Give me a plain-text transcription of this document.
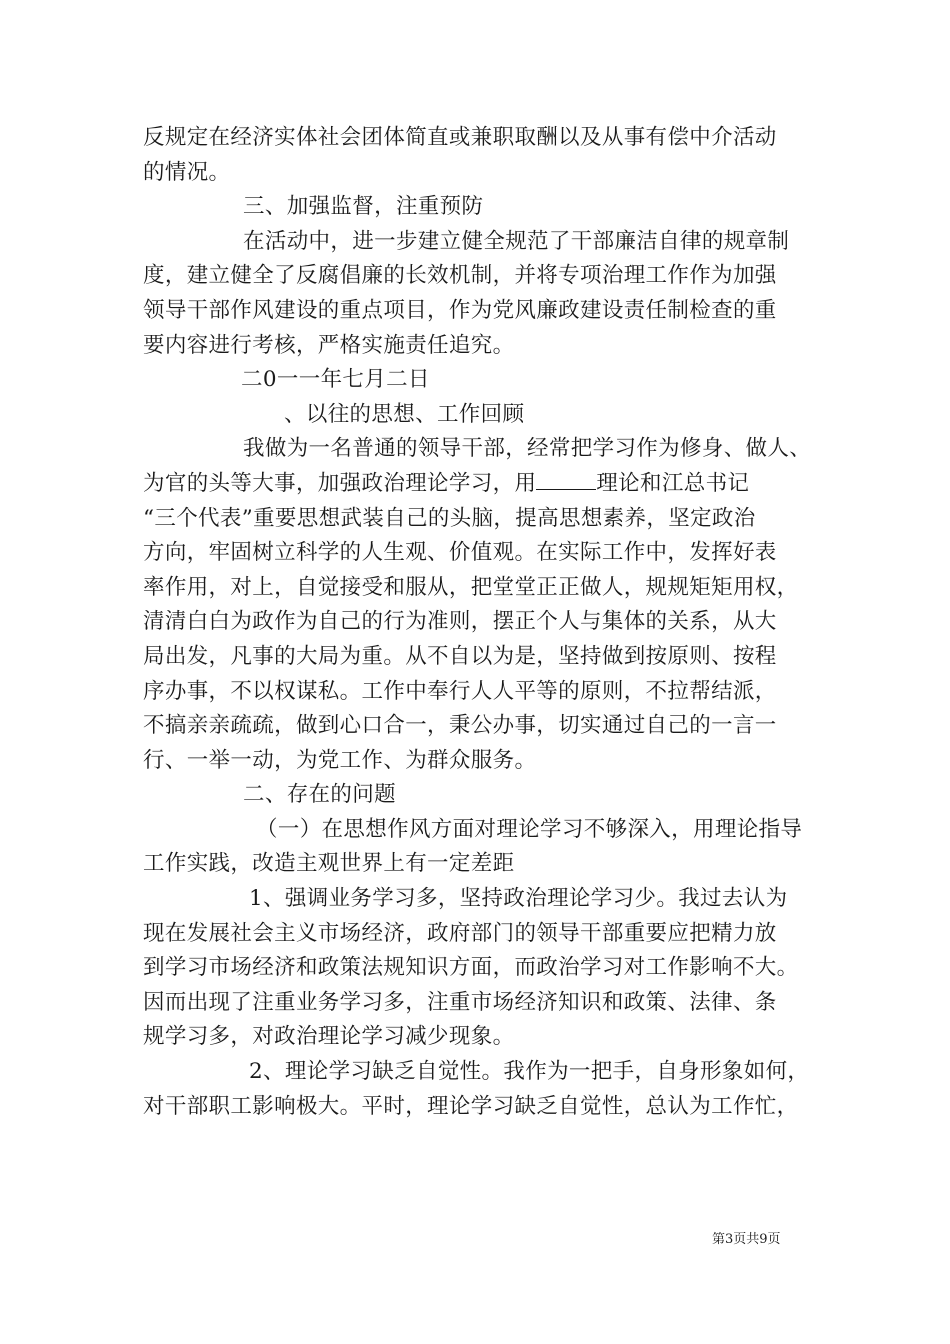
反规定在经济实体社会团体简直或兼职取酬以及从事有偿中介活动
的情况。
三、加强监督，注重预防
在活动中，进一步建立健全规范了干部廉洁自律的规章制
度，建立健全了反腐倡廉的长效机制，并将专项治理工作作为加强
领导干部作风建设的重点项目，作为党风廉政建设责任制检查的重
要内容进行考核，严格实施责任追究。
二0一一年七月二日
、以往的思想、工作回顾
我做为一名普通的领导干部，经常把学习作为修身、做人、
为官的头等大事，加强政治理论学习，用	理论和江总书记
“三个代表”重要思想武装自己的头脑，提高思想素养，坚定政治
方向，牢固树立科学的人生观、价值观。在实际工作中，发挥好表
率作用，对上，自觉接受和服从，把堂堂正正做人，规规矩矩用权，
清清白白为政作为自己的行为准则，摆正个人与集体的关系，从大
局出发，凡事的大局为重。从不自以为是，坚持做到按原则、按程
序办事，不以权谋私。工作中奉行人人平等的原则，不拉帮结派，
不搞亲亲疏疏，做到心口合一，秉公办事，切实通过自己的一言一
行、一举一动，为党工作、为群众服务。
二、存在的问题
（一）在思想作风方面对理论学习不够深入，用理论指导
工作实践，改造主观世界上有一定差距
1、强调业务学习多，坚持政治理论学习少。我过去认为
现在发展社会主义市场经济，政府部门的领导干部重要应把精力放
到学习市场经济和政策法规知识方面，而政治学习对工作影响不大。
因而出现了注重业务学习多，注重市场经济知识和政策、法律、条
规学习多，对政治理论学习减少现象。
2、理论学习缺乏自觉性。我作为一把手，自身形象如何，
对干部职工影响极大。平时，理论学习缺乏自觉性，总认为工作忙，
第3页共9页
